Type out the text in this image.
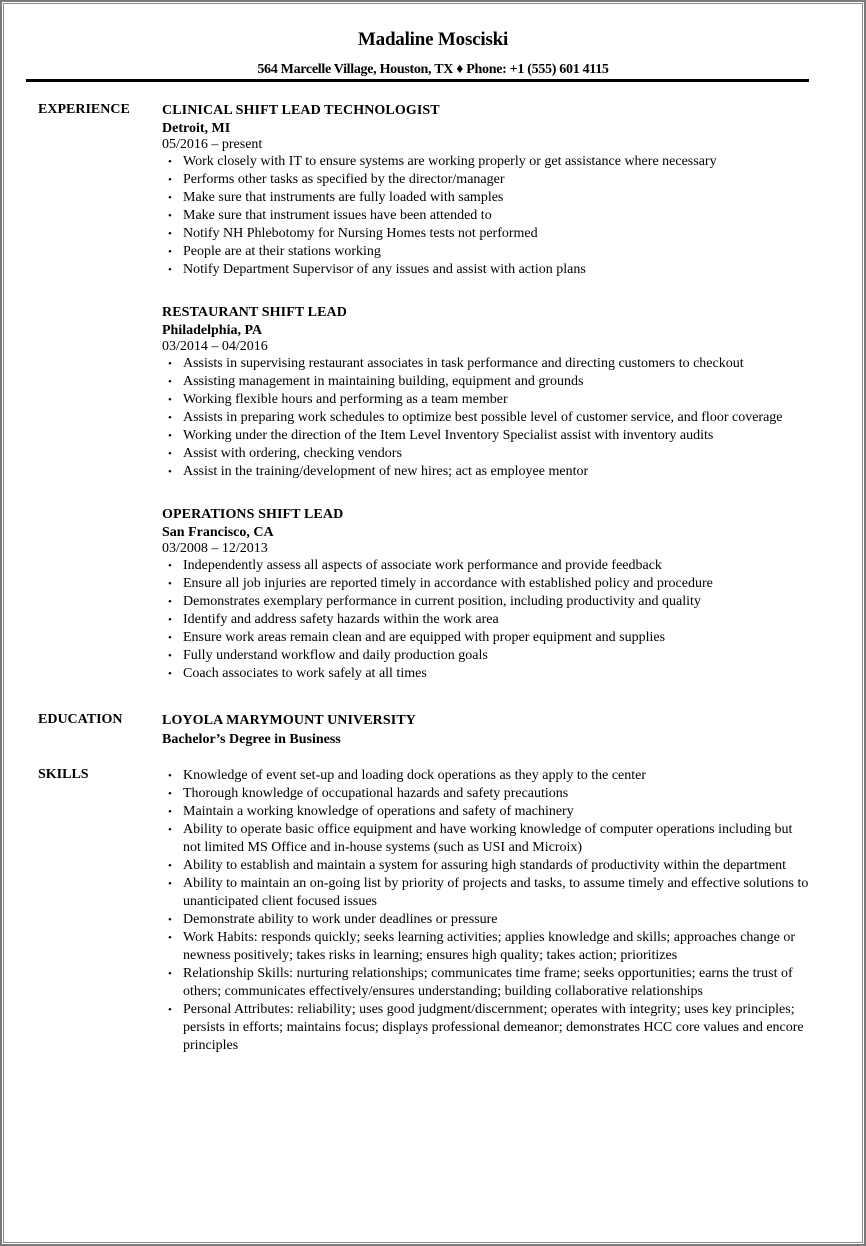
Madaline Mosciski
564 Marcelle Village, Houston, TX ♦ Phone: +1 (555) 601 4115
EXPERIENCE CLINICAL SHIFT LEAD TECHNOLOGIST
Detroit, MI
05/2016 – present
• Work closely with IT to ensure systems are working properly or get assistance where necessary
• Performs other tasks as specified by the director/manager
• Make sure that instruments are fully loaded with samples
• Make sure that instrument issues have been attended to
• Notify NH Phlebotomy for Nursing Homes tests not performed
• People are at their stations working
• Notify Department Supervisor of any issues and assist with action plans
RESTAURANT SHIFT LEAD
Philadelphia, PA
03/2014 – 04/2016
• Assists in supervising restaurant associates in task performance and directing customers to checkout
• Assisting management in maintaining building, equipment and grounds
• Working flexible hours and performing as a team member
• Assists in preparing work schedules to optimize best possible level of customer service, and floor coverage
• Working under the direction of the Item Level Inventory Specialist assist with inventory audits
• Assist with ordering, checking vendors
• Assist in the training/development of new hires; act as employee mentor
OPERATIONS SHIFT LEAD
San Francisco, CA
03/2008 – 12/2013
• Independently assess all aspects of associate work performance and provide feedback
• Ensure all job injuries are reported timely in accordance with established policy and procedure
• Demonstrates exemplary performance in current position, including productivity and quality
• Identify and address safety hazards within the work area
• Ensure work areas remain clean and are equipped with proper equipment and supplies
• Fully understand workflow and daily production goals
• Coach associates to work safely at all times
EDUCATION	LOYOLA MARYMOUNT UNIVERSITY
Bachelor’s Degree in Business
SKILLS	• Knowledge of event set-up and loading dock operations as they apply to the center
• Thorough knowledge of occupational hazards and safety precautions
• Maintain a working knowledge of operations and safety of machinery
• Ability to operate basic office equipment and have working knowledge of computer operations including but not limited MS Office and in-house systems (such as USI and Microix)
• Ability to establish and maintain a system for assuring high standards of productivity within the department
• Ability to maintain an on-going list by priority of projects and tasks, to assume timely and effective solutions to unanticipated client focused issues
• Demonstrate ability to work under deadlines or pressure
• Work Habits: responds quickly; seeks learning activities; applies knowledge and skills; approaches change or newness positively; takes risks in learning; ensures high quality; takes action; prioritizes
• Relationship Skills: nurturing relationships; communicates time frame; seeks opportunities; earns the trust of others; communicates effectively/ensures understanding; building collaborative relationships
• Personal Attributes: reliability; uses good judgment/discernment; operates with integrity; uses key principles; persists in efforts; maintains focus; displays professional demeanor; demonstrates HCC core values and encore principles
